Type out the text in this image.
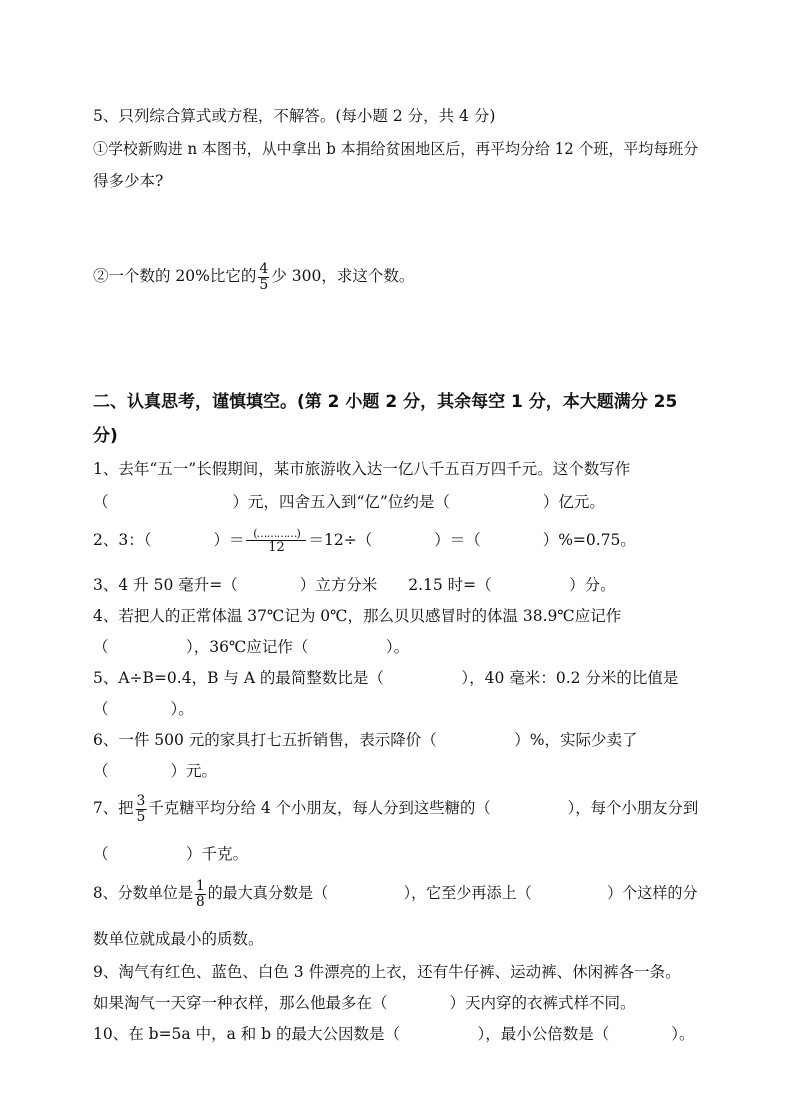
5、只列综合算式或方程，不解答。(每小题 2 分，共 4 分)
①学校新购进 n 本图书，从中拿出 b 本捐给贫困地区后，再平均分给 12 个班，平均每班分
得多少本?
②一个数的 20%比它的 $\frac{4}{5}$ 少 300，求这个数。
二、认真思考，谨慎填空。(第 2 小题 2 分，其余每空 1 分，本大题满分 25
分)
1、去年“五一”长假期间，某市旅游收入达一亿八千五百万四千元。这个数写作
（　　　　　　　　）元，四舍五入到“亿”位约是（　　　　　　）亿元。
2、3：（　　　　）＝ $\frac{(\dots\dots\dots\dots)}{12} =12\div$（　　　　）＝（　　　　）%=0.75。
3、4 升 50 毫升=（　　　　）立方分米　　2.15 时=（　　　　　）分。
4、若把人的正常体温 37℃记为 0℃，那么贝贝感冒时的体温 38.9℃应记作
（　　　　　），36℃应记作（　　　　　）。
5、A÷B=0.4，B 与 A 的最简整数比是（　　　　　），40 毫米：0.2 分米的比值是
（　　　　）。
6、一件 500 元的家具打七五折销售，表示降价（　　　　　）%，实际少卖了
（　　　　）元。
7、把 $\frac{3}{5}$ 千克糖平均分给 4 个小朋友，每人分到这些糖的（　　　　　），每个小朋友分到
（　　　　　）千克。
8、分数单位是 $\frac{1}{8}$ 的最大真分数是（　　　　　），它至少再添上（　　　　　）个这样的分
数单位就成最小的质数。
9、淘气有红色、蓝色、白色 3 件漂亮的上衣，还有牛仔裤、运动裤、休闲裤各一条。
如果淘气一天穿一种衣样，那么他最多在（　　　　）天内穿的衣裤式样不同。
10、在 b=5a 中，a 和 b 的最大公因数是（　　　　　），最小公倍数是（　　　　）。
